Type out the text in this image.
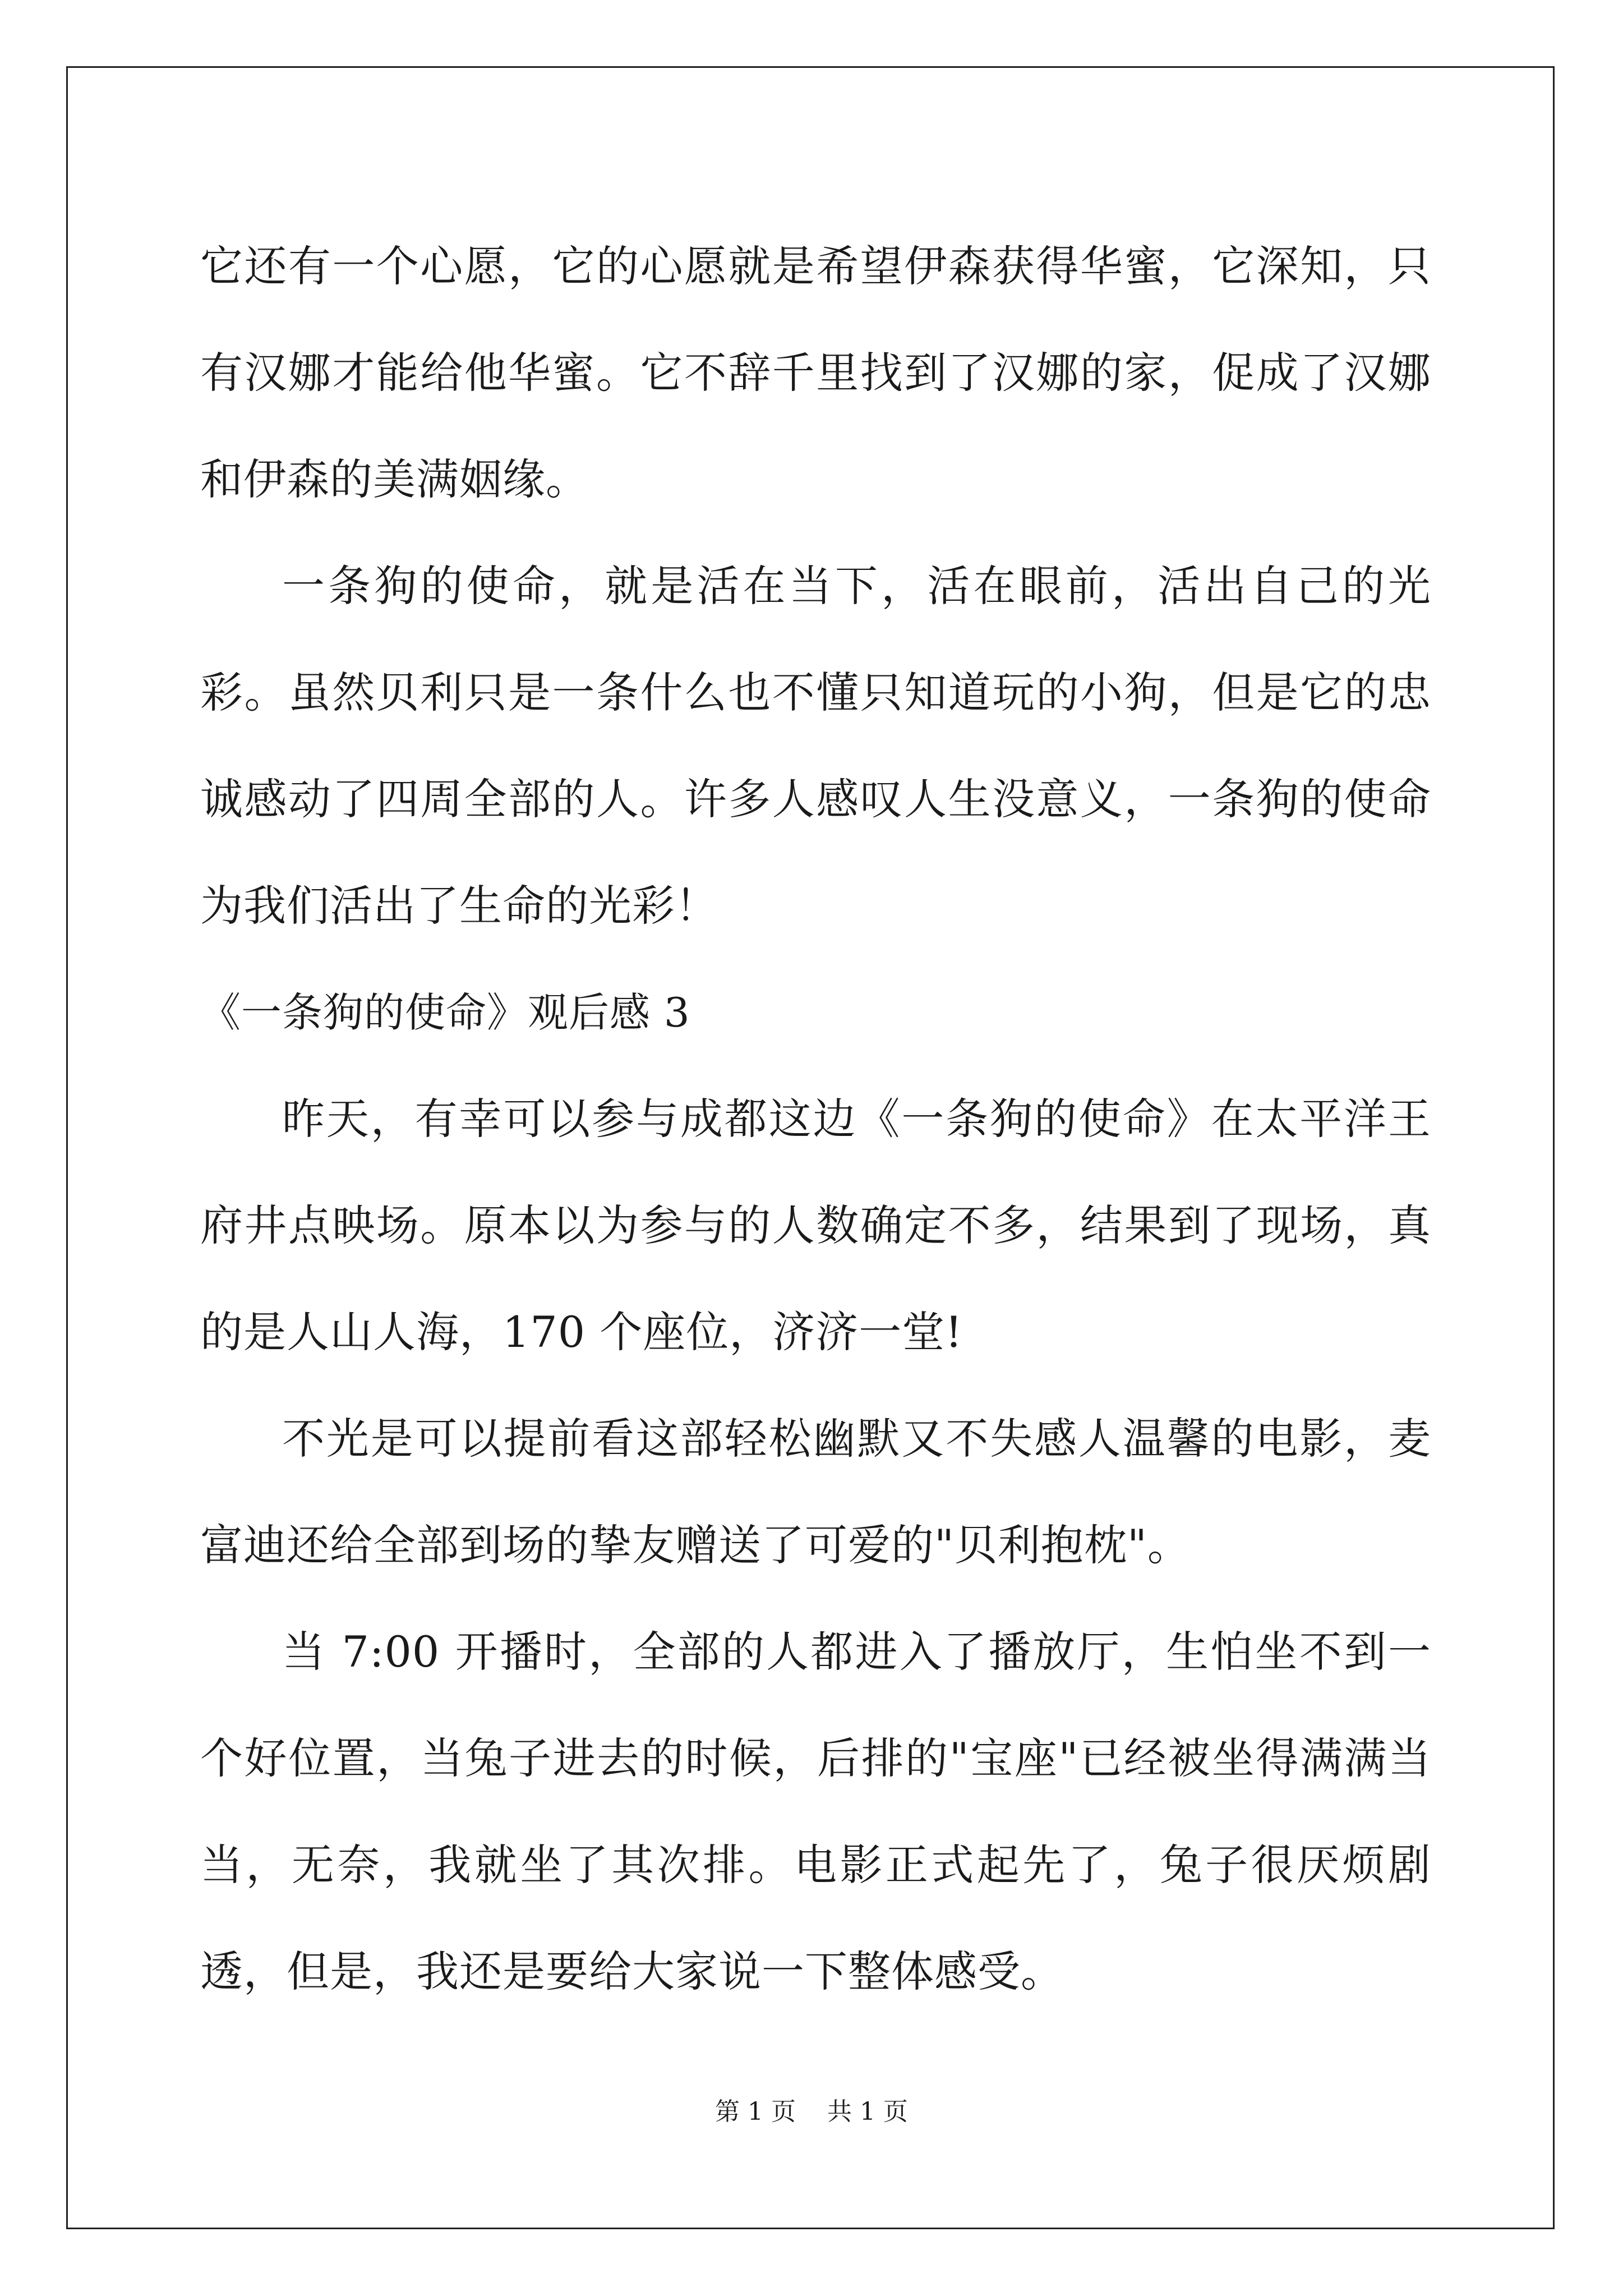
它还有一个心愿，它的心愿就是希望伊森获得华蜜，它深知，只有汉娜才能给他华蜜。它不辞千里找到了汉娜的家，促成了汉娜和伊森的美满姻缘。

一条狗的使命，就是活在当下，活在眼前，活出自己的光彩。虽然贝利只是一条什么也不懂只知道玩的小狗，但是它的忠诚感动了四周全部的人。许多人感叹人生没意义，一条狗的使命为我们活出了生命的光彩！

《一条狗的使命》观后感 3

昨天，有幸可以参与成都这边《一条狗的使命》在太平洋王府井点映场。原本以为参与的人数确定不多，结果到了现场，真的是人山人海，170 个座位，济济一堂!

不光是可以提前看这部轻松幽默又不失感人温馨的电影，麦富迪还给全部到场的挚友赠送了可爱的"贝利抱枕"。

当 7:00 开播时，全部的人都进入了播放厅，生怕坐不到一个好位置，当兔子进去的时候，后排的"宝座"已经被坐得满满当当，无奈，我就坐了其次排。电影正式起先了，兔子很厌烦剧透，但是，我还是要给大家说一下整体感受。

第 1 页    共 1 页
